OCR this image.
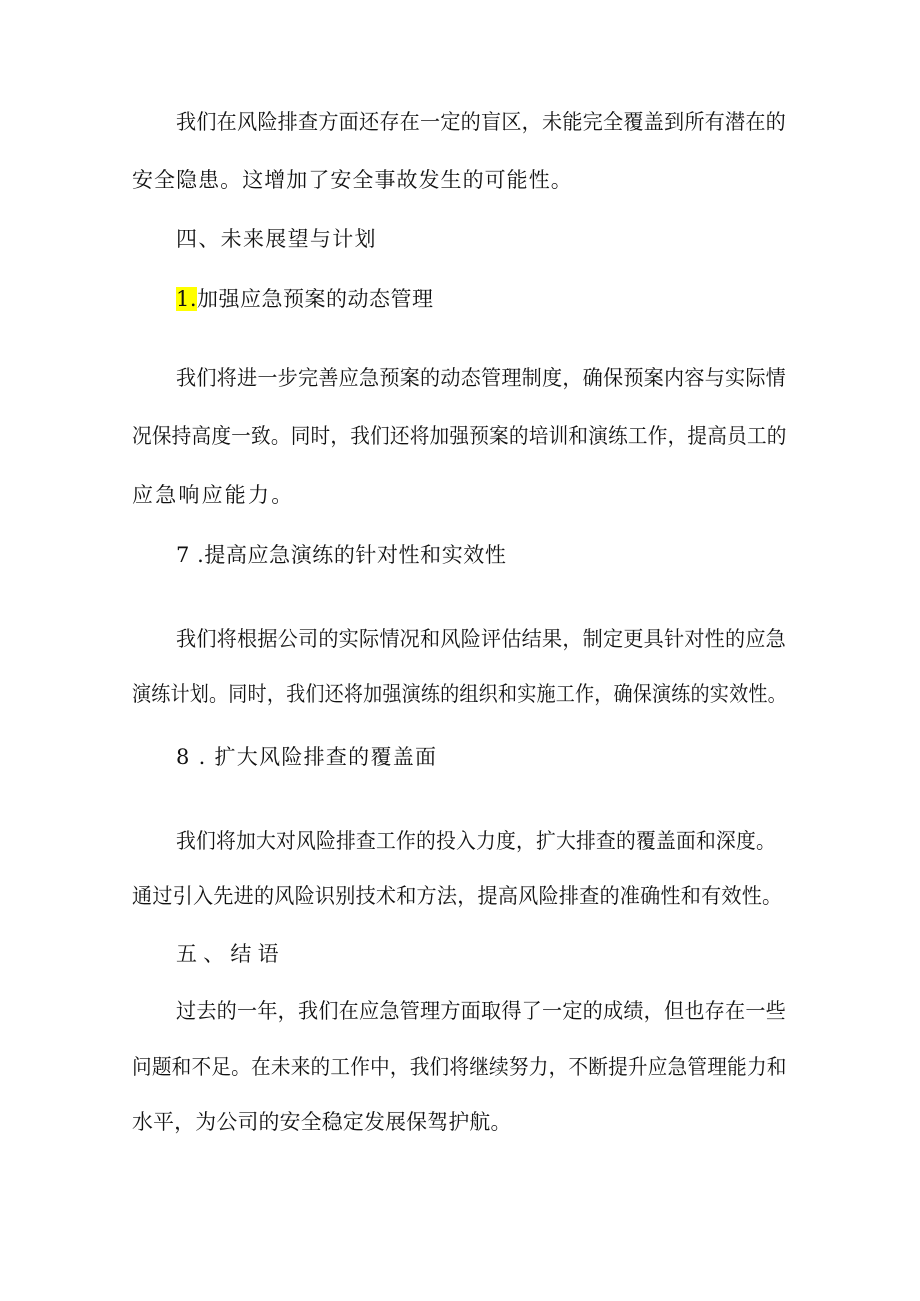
我们在风险排查方面还存在一定的盲区，未能完全覆盖到所有潜在的
安全隐患。这增加了安全事故发生的可能性。
四、未来展望与计划
1.加强应急预案的动态管理
我们将进一步完善应急预案的动态管理制度，确保预案内容与实际情
况保持高度一致。同时，我们还将加强预案的培训和演练工作，提高员工的
应急响应能力。
7 .提高应急演练的针对性和实效性
我们将根据公司的实际情况和风险评估结果，制定更具针对性的应急
演练计划。同时，我们还将加强演练的组织和实施工作，确保演练的实效性。
8 . 扩大风险排查的覆盖面
我们将加大对风险排查工作的投入力度，扩大排查的覆盖面和深度。
通过引入先进的风险识别技术和方法，提高风险排查的准确性和有效性。
五、结语
过去的一年，我们在应急管理方面取得了一定的成绩，但也存在一些
问题和不足。在未来的工作中，我们将继续努力，不断提升应急管理能力和
水平，为公司的安全稳定发展保驾护航。
